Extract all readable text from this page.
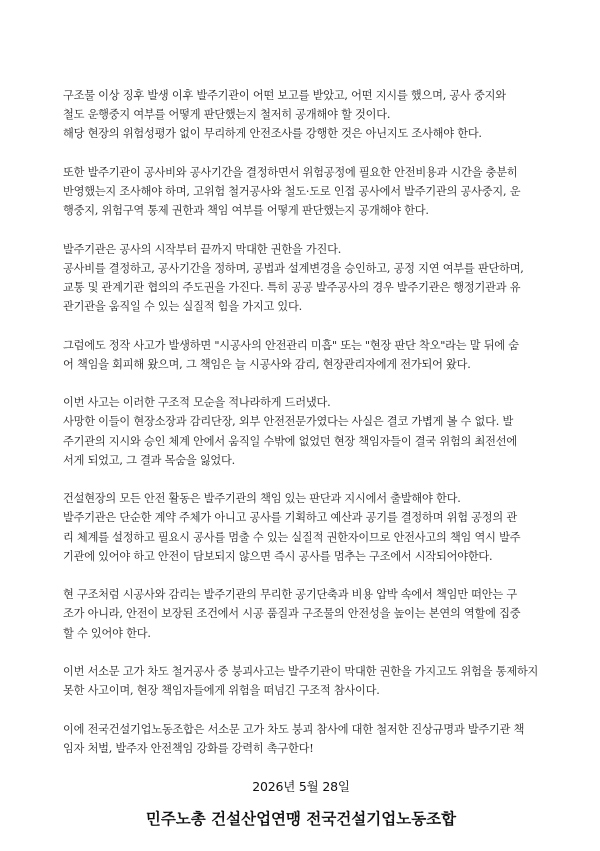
구조물 이상 징후 발생 이후 발주기관이 어떤 보고를 받았고, 어떤 지시를 했으며, 공사 중지와
철도 운행중지 여부를 어떻게 판단했는지 철저히 공개해야 할 것이다.
해당 현장의 위험성평가 없이 무리하게 안전조사를 강행한 것은 아닌지도 조사해야 한다.

또한 발주기관이 공사비와 공사기간을 결정하면서 위험공정에 필요한 안전비용과 시간을 충분히
반영했는지 조사해야 하며, 고위험 철거공사와 철도·도로 인접 공사에서 발주기관의 공사중지, 운
행중지, 위험구역 통제 권한과 책임 여부를 어떻게 판단했는지 공개해야 한다.

발주기관은 공사의 시작부터 끝까지 막대한 권한을 가진다.
공사비를 결정하고, 공사기간을 정하며, 공법과 설계변경을 승인하고, 공정 지연 여부를 판단하며,
교통 및 관계기관 협의의 주도권을 가진다. 특히 공공 발주공사의 경우 발주기관은 행정기관과 유
관기관을 움직일 수 있는 실질적 힘을 가지고 있다.

그럼에도 정작 사고가 발생하면 "시공사의 안전관리 미흡" 또는 "현장 판단 착오"라는 말 뒤에 숨
어 책임을 회피해 왔으며, 그 책임은 늘 시공사와 감리, 현장관리자에게 전가되어 왔다.

이번 사고는 이러한 구조적 모순을 적나라하게 드러냈다.
사망한 이들이 현장소장과 감리단장, 외부 안전전문가였다는 사실은 결코 가볍게 볼 수 없다. 발
주기관의 지시와 승인 체계 안에서 움직일 수밖에 없었던 현장 책임자들이 결국 위험의 최전선에
서게 되었고, 그 결과 목숨을 잃었다.

건설현장의 모든 안전 활동은 발주기관의 책임 있는 판단과 지시에서 출발해야 한다.
발주기관은 단순한 계약 주체가 아니고 공사를 기획하고 예산과 공기를 결정하며 위험 공정의 관
리 체계를 설정하고 필요시 공사를 멈출 수 있는 실질적 권한자이므로 안전사고의 책임 역시 발주
기관에 있어야 하고 안전이 담보되지 않으면 즉시 공사를 멈추는 구조에서 시작되어야한다.

현 구조처럼 시공사와 감리는 발주기관의 무리한 공기단축과 비용 압박 속에서 책임만 떠안는 구
조가 아니라, 안전이 보장된 조건에서 시공 품질과 구조물의 안전성을 높이는 본연의 역할에 집중
할 수 있어야 한다.

이번 서소문 고가 차도 철거공사 중 붕괴사고는 발주기관이 막대한 권한을 가지고도 위험을 통제하지
못한 사고이며, 현장 책임자들에게 위험을 떠넘긴 구조적 참사이다.

이에 전국건설기업노동조합은 서소문 고가 차도 붕괴 참사에 대한 철저한 진상규명과 발주기관 책
임자 처벌, 발주자 안전책임 강화를 강력히 촉구한다!

2026년 5월 28일
민주노총 건설산업연맹 전국건설기업노동조합
